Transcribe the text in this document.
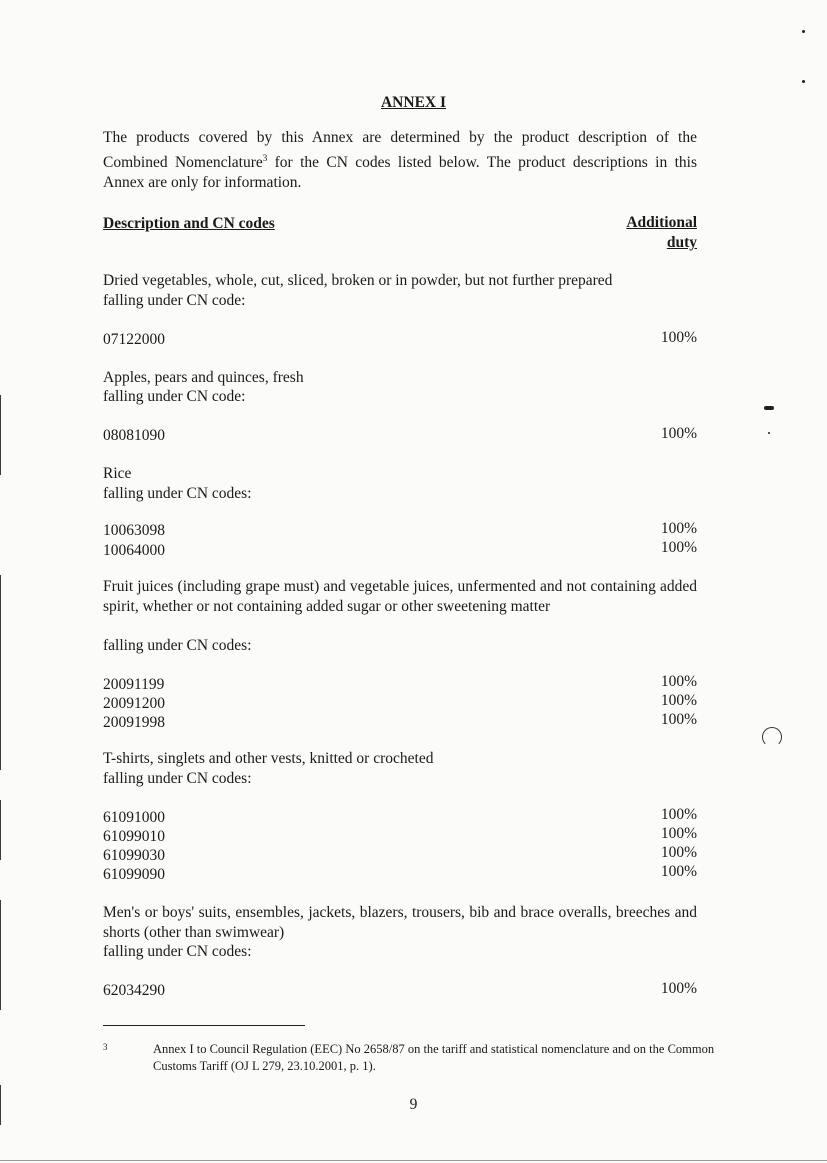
ANNEX I
The products covered by this Annex are determined by the product description of the Combined Nomenclature$^3$ for the CN codes listed below. The product descriptions in this Annex are only for information.
Description and CN codes	Additional
duty
Dried vegetables, whole, cut, sliced, broken or in powder, but not further prepared
falling under CN code:
07122000	100%
Apples, pears and quinces, fresh
falling under CN code:
08081090	100%
Rice
falling under CN codes:
10063098	100%
10064000	100%
Fruit juices (including grape must) and vegetable juices, unfermented and not containing added spirit, whether or not containing added sugar or other sweetening matter
falling under CN codes:
20091199	100%
20091200	100%
20091998	100%
T-shirts, singlets and other vests, knitted or crocheted
falling under CN codes:
61091000	100%
61099010	100%
61099030	100%
61099090	100%
Men's or boys' suits, ensembles, jackets, blazers, trousers, bib and brace overalls, breeches and shorts (other than swimwear)
falling under CN codes:
62034290	100%
3	Annex I to Council Regulation (EEC) No 2658/87 on the tariff and statistical nomenclature and on the Common Customs Tariff (OJ L 279, 23.10.2001, p. 1).
9
